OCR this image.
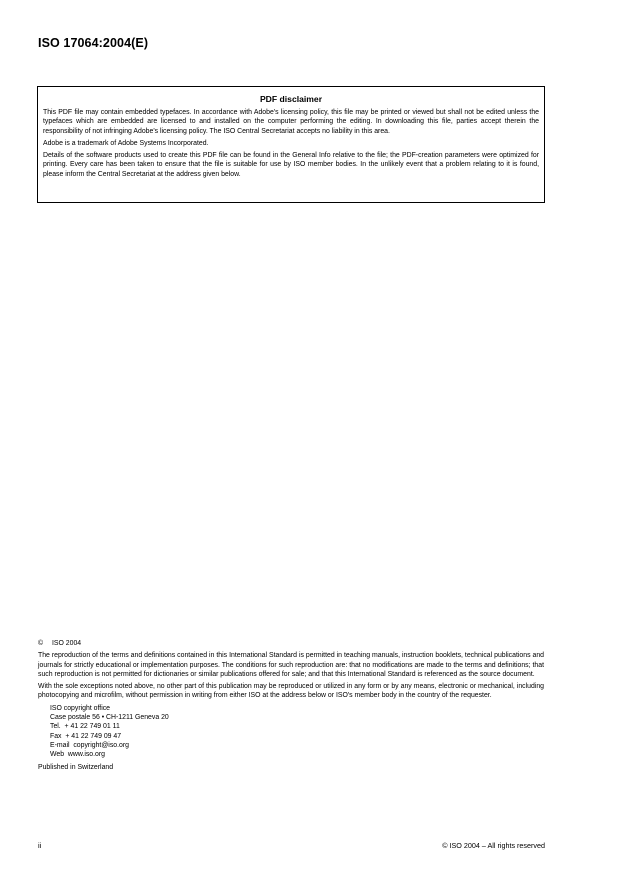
ISO 17064:2004(E)
PDF disclaimer

This PDF file may contain embedded typefaces. In accordance with Adobe's licensing policy, this file may be printed or viewed but shall not be edited unless the typefaces which are embedded are licensed to and installed on the computer performing the editing. In downloading this file, parties accept therein the responsibility of not infringing Adobe's licensing policy. The ISO Central Secretariat accepts no liability in this area.

Adobe is a trademark of Adobe Systems Incorporated.

Details of the software products used to create this PDF file can be found in the General Info relative to the file; the PDF-creation parameters were optimized for printing. Every care has been taken to ensure that the file is suitable for use by ISO member bodies. In the unlikely event that a problem relating to it is found, please inform the Central Secretariat at the address given below.

© ISO 2004
The reproduction of the terms and definitions contained in this International Standard is permitted in teaching manuals, instruction booklets, technical publications and journals for strictly educational or implementation purposes. The conditions for such reproduction are: that no modifications are made to the terms and definitions; that such reproduction is not permitted for dictionaries or similar publications offered for sale; and that this International Standard is referenced as the source document.
With the sole exceptions noted above, no other part of this publication may be reproduced or utilized in any form or by any means, electronic or mechanical, including photocopying and microfilm, without permission in writing from either ISO at the address below or ISO's member body in the country of the requester.
ISO copyright office
Case postale 56 • CH-1211 Geneva 20
Tel.  + 41 22 749 01 11
Fax  + 41 22 749 09 47
E-mail  copyright@iso.org
Web  www.iso.org
Published in Switzerland
ii	© ISO 2004 – All rights reserved
